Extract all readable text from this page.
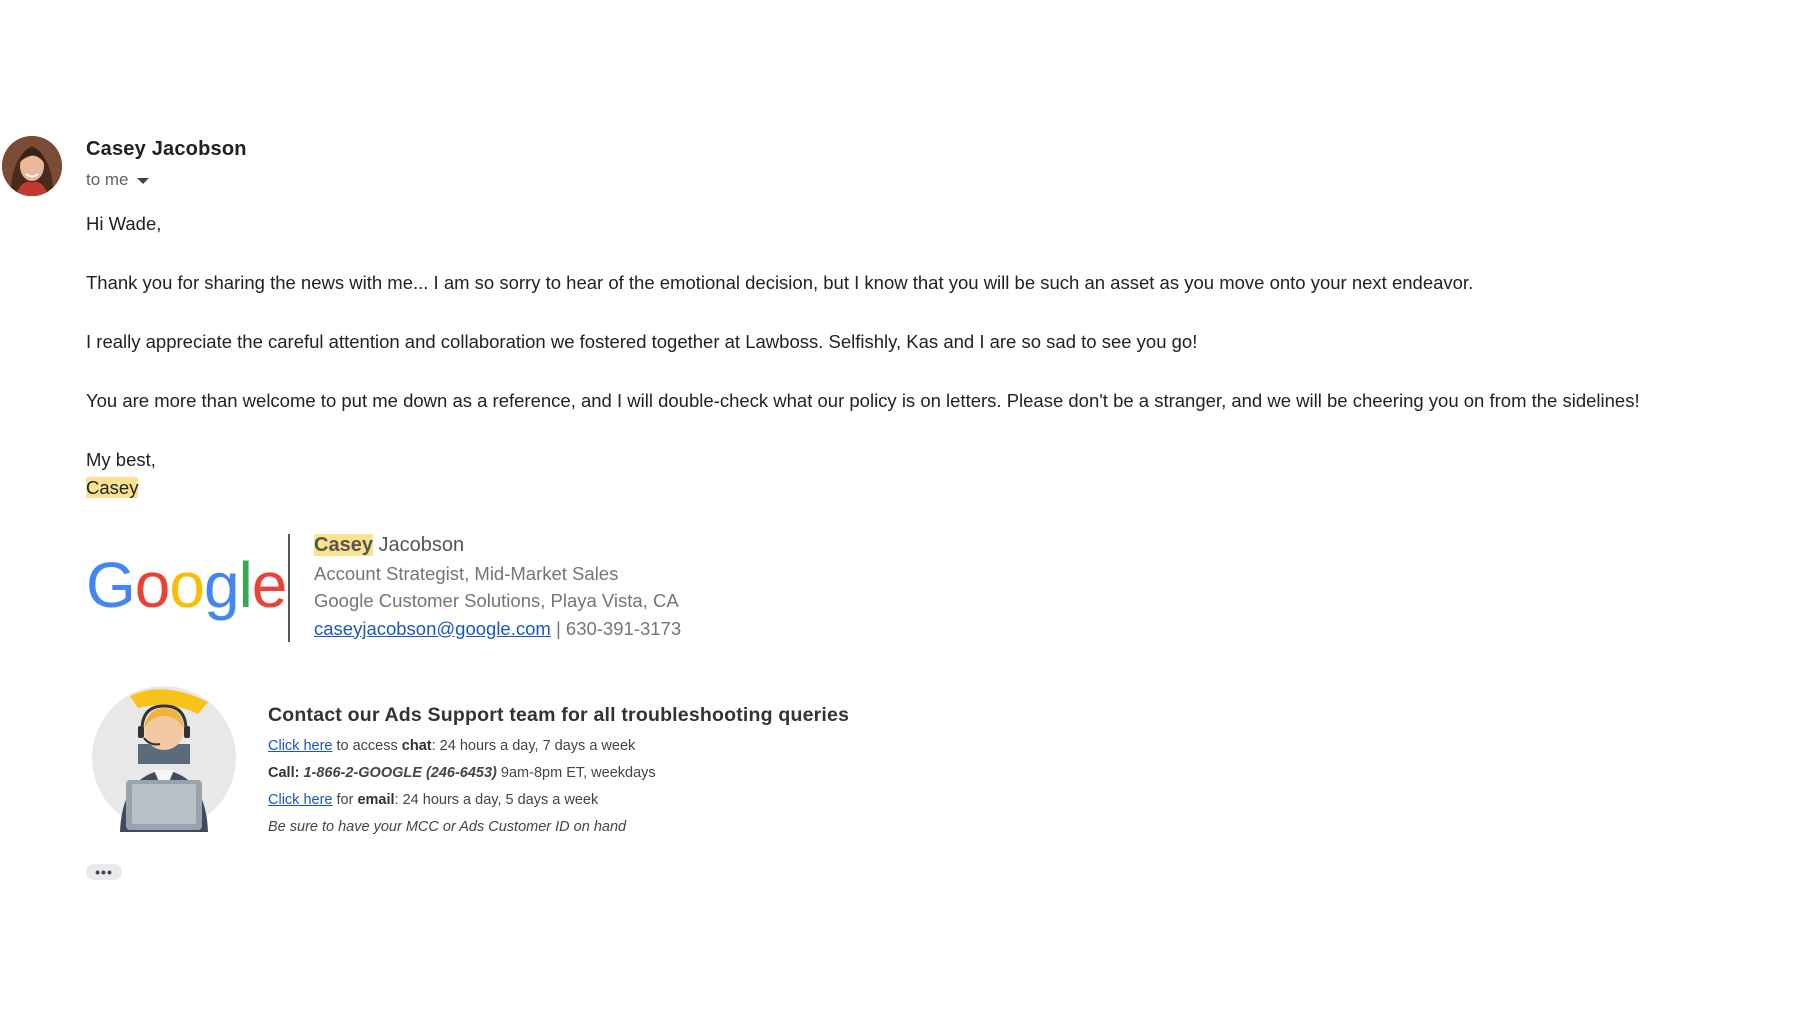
Casey Jacobson
to me

Hi Wade,

Thank you for sharing the news with me... I am so sorry to hear of the emotional decision, but I know that you will be such an asset as you move onto your next endeavor.

I really appreciate the careful attention and collaboration we fostered together at Lawboss. Selfishly, Kas and I are so sad to see you go!

You are more than welcome to put me down as a reference, and I will double-check what our policy is on letters. Please don't be a stranger, and we will be cheering you on from the sidelines!

My best,
Casey
Google
Casey Jacobson
Account Strategist, Mid-Market Sales
Google Customer Solutions, Playa Vista, CA
caseyjacobson@google.com | 630-391-3173
Contact our Ads Support team for all troubleshooting queries
Click here to access chat: 24 hours a day, 7 days a week
Call: 1-866-2-GOOGLE (246-6453) 9am-8pm ET, weekdays
Click here for email: 24 hours a day, 5 days a week
Be sure to have your MCC or Ads Customer ID on hand
•••
